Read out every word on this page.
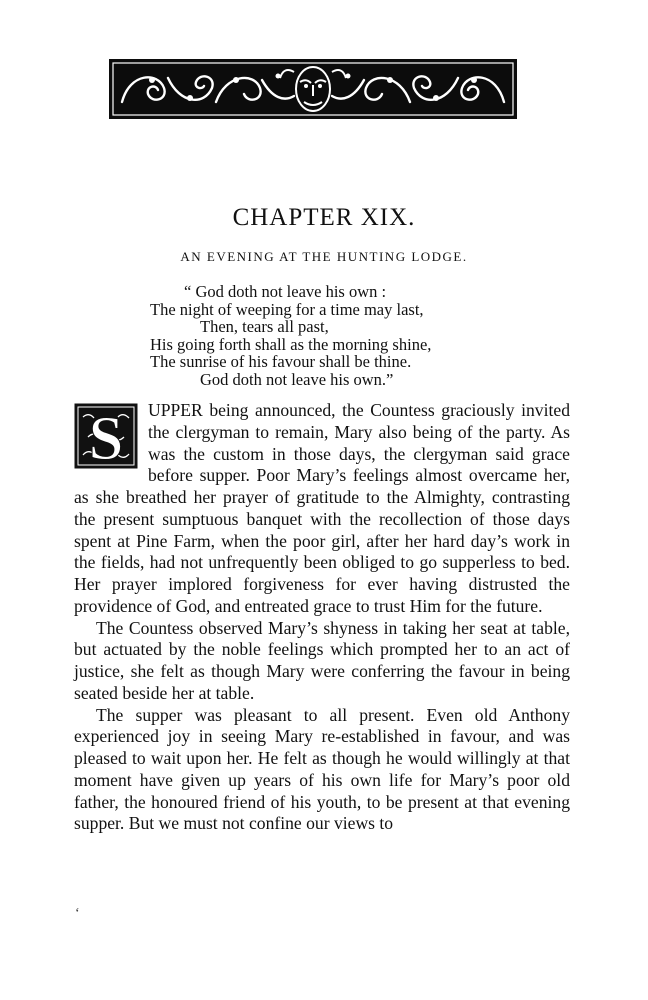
CHAPTER XIX.
AN EVENING AT THE HUNTING LODGE.
“ God doth not leave his own :
The night of weeping for a time may last,
Then, tears all past,
His going forth shall as the morning shine,
The sunrise of his favour shall be thine.
God doth not leave his own.”

S UPPER being announced, the Countess graciously invited the clergyman to remain, Mary also being of the party. As was the custom in those days, the clergyman said grace before supper. Poor Mary’s feelings almost overcame her, as she breathed her prayer of gratitude to the Almighty, contrasting the present sumptuous banquet with the recollection of those days spent at Pine Farm, when the poor girl, after her hard day’s work in the fields, had not unfrequently been obliged to go supperless to bed. Her prayer implored forgiveness for ever having distrusted the providence of God, and entreated grace to trust Him for the future.

The Countess observed Mary’s shyness in taking her seat at table, but actuated by the noble feelings which prompted her to an act of justice, she felt as though Mary were conferring the favour in being seated beside her at table.

The supper was pleasant to all present. Even old Anthony experienced joy in seeing Mary re-established in favour, and was pleased to wait upon her. He felt as though he would willingly at that moment have given up years of his own life for Mary’s poor old father, the honoured friend of his youth, to be present at that evening supper. But we must not confine our views to

‘
